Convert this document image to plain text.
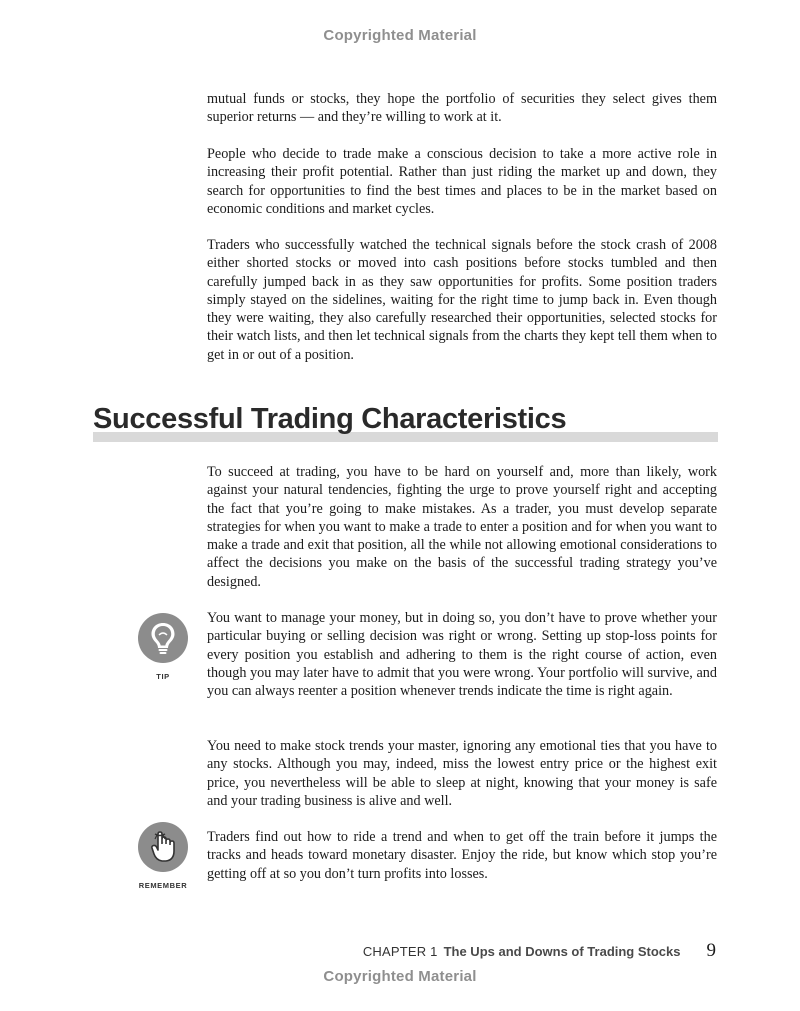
Copyrighted Material

mutual funds or stocks, they hope the portfolio of securities they select gives them superior returns — and they’re willing to work at it.

People who decide to trade make a conscious decision to take a more active role in increasing their profit potential. Rather than just riding the market up and down, they search for opportunities to find the best times and places to be in the market based on economic conditions and market cycles.

Traders who successfully watched the technical signals before the stock crash of 2008 either shorted stocks or moved into cash positions before stocks tumbled and then carefully jumped back in as they saw opportunities for profits. Some position traders simply stayed on the sidelines, waiting for the right time to jump back in. Even though they were waiting, they also carefully researched their opportunities, selected stocks for their watch lists, and then let technical signals from the charts they kept tell them when to get in or out of a position.

Successful Trading Characteristics

To succeed at trading, you have to be hard on yourself and, more than likely, work against your natural tendencies, fighting the urge to prove yourself right and accepting the fact that you’re going to make mistakes. As a trader, you must develop separate strategies for when you want to make a trade to enter a position and for when you want to make a trade and exit that position, all the while not allowing emotional considerations to affect the decisions you make on the basis of the successful trading strategy you’ve designed.

TIP

You want to manage your money, but in doing so, you don’t have to prove whether your particular buying or selling decision was right or wrong. Setting up stop-loss points for every position you establish and adhering to them is the right course of action, even though you may later have to admit that you were wrong. Your portfolio will survive, and you can always reenter a position whenever trends indicate the time is right again.

You need to make stock trends your master, ignoring any emotional ties that you have to any stocks. Although you may, indeed, miss the lowest entry price or the highest exit price, you nevertheless will be able to sleep at night, knowing that your money is safe and your trading business is alive and well.

REMEMBER

Traders find out how to ride a trend and when to get off the train before it jumps the tracks and heads toward monetary disaster. Enjoy the ride, but know which stop you’re getting off at so you don’t turn profits into losses.

CHAPTER 1 The Ups and Downs of Trading Stocks 9
Copyrighted Material
